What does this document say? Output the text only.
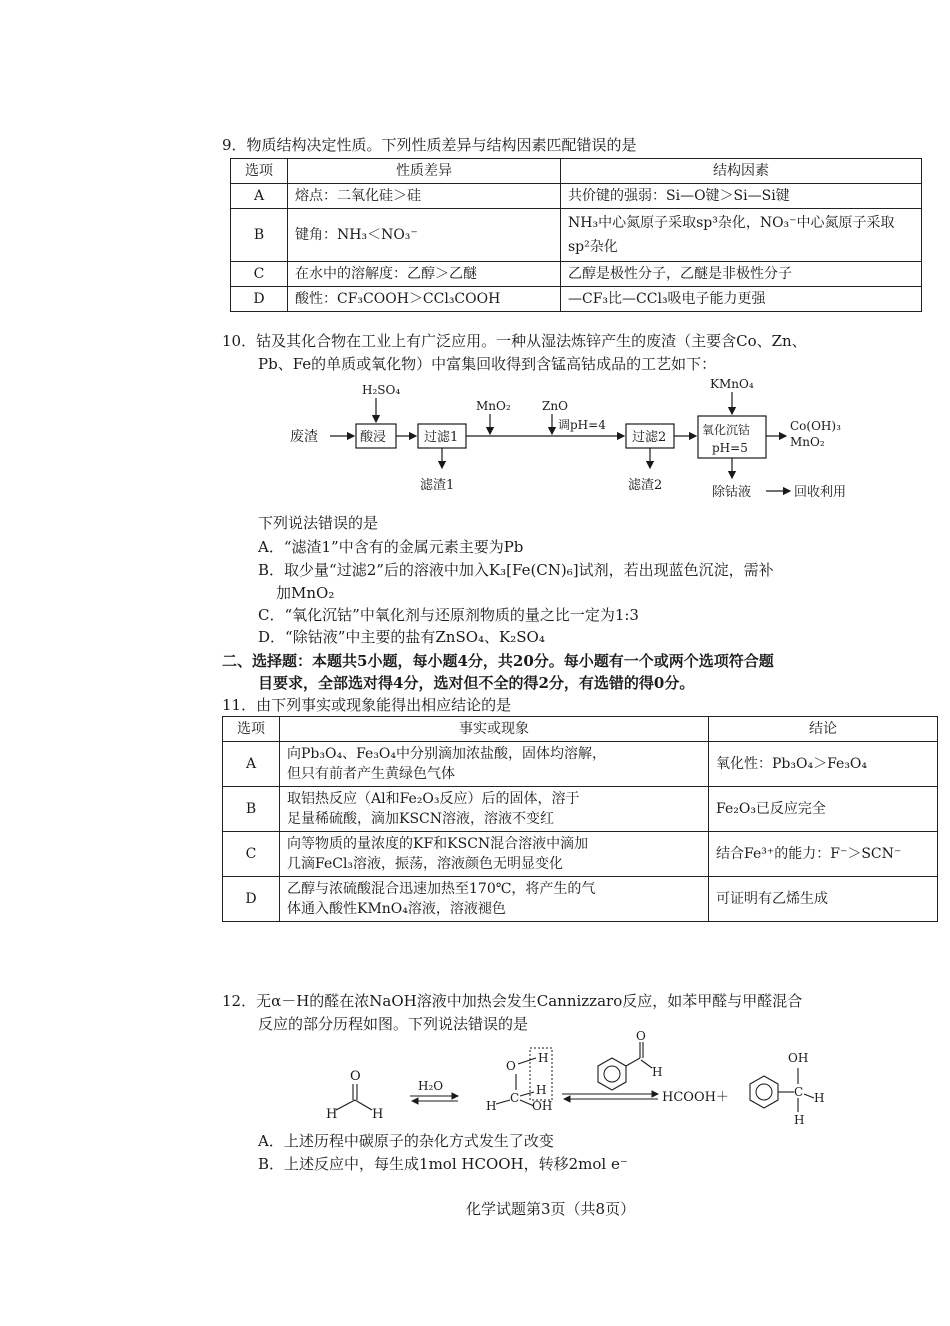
9．物质结构决定性质。下列性质差异与结构因素匹配错误的是
选项	性质差异	结构因素
A	熔点：二氧化硅＞硅	共价键的强弱：Si—O键＞Si—Si键
B	键角：NH₃＜NO₃⁻	NH₃中心氮原子采取sp³杂化，NO₃⁻中心氮原子采取sp²杂化
C	在水中的溶解度：乙醇＞乙醚	乙醇是极性分子，乙醚是非极性分子
D	酸性：CF₃COOH＞CCl₃COOH	—CF₃比—CCl₃吸电子能力更强
10．钴及其化合物在工业上有广泛应用。一种从湿法炼锌产生的废渣（主要含Co、Zn、
Pb、Fe的单质或氧化物）中富集回收得到含锰高钴成品的工艺如下：
废渣
H₂SO₄
酸浸	过滤1
滤渣1
MnO₂	ZnO
调pH=4
过滤2
滤渣2
KMnO₄
氧化沉钴
pH=5
Co(OH)₃
MnO₂
除钴液	回收利用
下列说法错误的是
A．“滤渣1”中含有的金属元素主要为Pb
B．取少量“过滤2”后的溶液中加入K₃[Fe(CN)₆]试剂，若出现蓝色沉淀，需补
加MnO₂
C．“氧化沉钴”中氧化剂与还原剂物质的量之比一定为1:3
D．“除钴液”中主要的盐有ZnSO₄、K₂SO₄
二、选择题：本题共5小题，每小题4分，共20分。每小题有一个或两个选项符合题
目要求，全部选对得4分，选对但不全的得2分，有选错的得0分。
11．由下列事实或现象能得出相应结论的是
选项	事实或现象	结论
A	向Pb₃O₄、Fe₃O₄中分别滴加浓盐酸，固体均溶解，
但只有前者产生黄绿色气体	氧化性：Pb₃O₄＞Fe₃O₄
B	取铝热反应（Al和Fe₂O₃反应）后的固体，溶于
足量稀硫酸，滴加KSCN溶液，溶液不变红	Fe₂O₃已反应完全
C	向等物质的量浓度的KF和KSCN混合溶液中滴加
几滴FeCl₃溶液，振荡，溶液颜色无明显变化	结合Fe³⁺的能力：F⁻＞SCN⁻
D	乙醇与浓硫酸混合迅速加热至170℃，将产生的气
体通入酸性KMnO₄溶液，溶液褪色	可证明有乙烯生成
12．无α－H的醛在浓NaOH溶液中加热会发生Cannizzaro反应，如苯甲醛与甲醛混合
反应的部分历程如图。下列说法错误的是
O
H	H
H₂O
O
H
C
H
H	OH
O
H
HCOOH＋	C
OH
H
H
A．上述历程中碳原子的杂化方式发生了改变
B．上述反应中，每生成1mol HCOOH，转移2mol e⁻
化学试题第3页（共8页）
